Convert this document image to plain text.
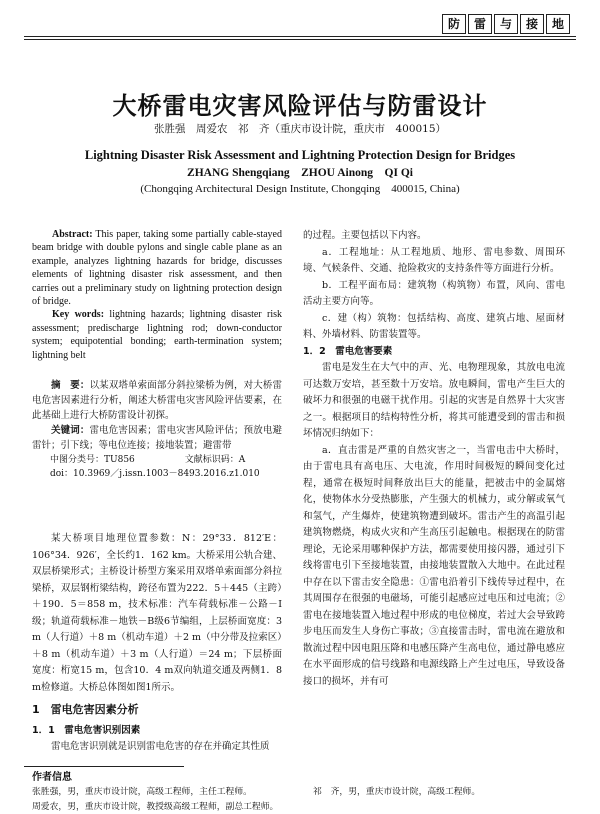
防	雷	与	接	地
大桥雷电灾害风险评估与防雷设计
张胜强　周爱农　祁　齐（重庆市设计院，重庆市　400015）
Lightning Disaster Risk Assessment and Lightning Protection Design for Bridges
ZHANG Shengqiang　ZHOU Ainong　QI Qi
(Chongqing Architectural Design Institute, Chongqing　400015, China)

Abstract: This paper, taking some partially cable-stayed beam bridge with double pylons and single cable plane as an example, analyzes lightning hazards for bridge, discusses elements of lightning disaster risk assessment, and then carries out a preliminary study on lightning protection design of bridge.

Key words: lightning hazards; lightning disaster risk assessment; predischarge lightning rod; down-conductor system; equipotential bonding; earth-termination system; lightning belt

摘　要：以某双塔单索面部分斜拉梁桥为例，对大桥雷电危害因素进行分析，阐述大桥雷电灾害风险评估要素，在此基础上进行大桥防雷设计初探。

关键词：雷电危害因素；雷电灾害风险评估；预放电避雷针；引下线；等电位连接；接地装置；避雷带

中图分类号：TU856	文献标识码：A

doi：10.3969／j.issn.1003－8493.2016.z1.010

某大桥项目地理位置参数：N：29°33．812′E：106°34．926′，全长约1．162 km。大桥采用公轨合建、双层桥梁形式；主桥设计桥型方案采用双塔单索面部分斜拉梁桥，双层钢桁梁结构，跨径布置为222．5＋445（主跨）＋190．5＝858 m，技术标准：汽车荷载标准－公路－Ⅰ级；轨道荷载标准－地铁－B级6节编组，上层桥面宽度：3 m（人行道）＋8 m（机动车道）＋2 m（中分带及拉索区）＋8 m（机动车道）＋3 m（人行道）＝24 m；下层桥面宽度：桁宽15 m，包含10．4 m双向轨道交通及两侧1．8 m检修道。大桥总体图如图1所示。

1　雷电危害因素分析
1．1　雷电危害识别因素

雷电危害识别就是识别雷电危害的存在并确定其性质

的过程。主要包括以下内容。

a．工程地址：从工程地质、地形、雷电参数、周围环境、气候条件、交通、抢险救灾的支持条件等方面进行分析。

b．工程平面布局：建筑物（构筑物）布置，风向、雷电活动主要方向等。

c．建（构）筑物：包括结构、高度、建筑占地、屋面材料、外墙材料、防雷装置等。

1．2　雷电危害要素

雷电是发生在大气中的声、光、电物理现象，其放电电流可达数万安培，甚至数十万安培。放电瞬间，雷电产生巨大的破坏力和很强的电磁干扰作用。引起的灾害是自然界十大灾害之一。根据项目的结构特性分析，将其可能遭受到的雷击和损坏情况归纳如下：

a．直击雷是严重的自然灾害之一，当雷电击中大桥时，由于雷电具有高电压、大电流，作用时间极短的瞬间变化过程，通常在极短时间释放出巨大的能量，把被击中的金属熔化，使物体水分受热膨胀，产生强大的机械力，或分解或氧气和氢气，产生爆炸，使建筑物遭到破坏。雷击产生的高温引起建筑物燃烧，构成火灾和产生高压引起触电。根据现在的防雷理论，无论采用哪种保护方法，都需要使用接闪器，通过引下线将雷电引下至接地装置，由接地装置散入大地中。在此过程中存在以下雷击安全隐患：①雷电沿着引下线传导过程中，在其周围存在很强的电磁场，可能引起感应过电压和过电流；②雷电在接地装置入地过程中形成的电位梯度，若过大会导致跨步电压而发生人身伤亡事故；③直接雷击时，雷电流在避放和散流过程中因电阻压降和电感压降产生高电位，通过静电感应在水平面形成的信号线路和电源线路上产生过电压，导致设备接口的损坏，并有可

作者信息
张胜强，男，重庆市设计院，高级工程师，主任工程师。	祁　齐，男，重庆市设计院，高级工程师。
周爱农，男，重庆市设计院，教授级高级工程师，副总工程师。
